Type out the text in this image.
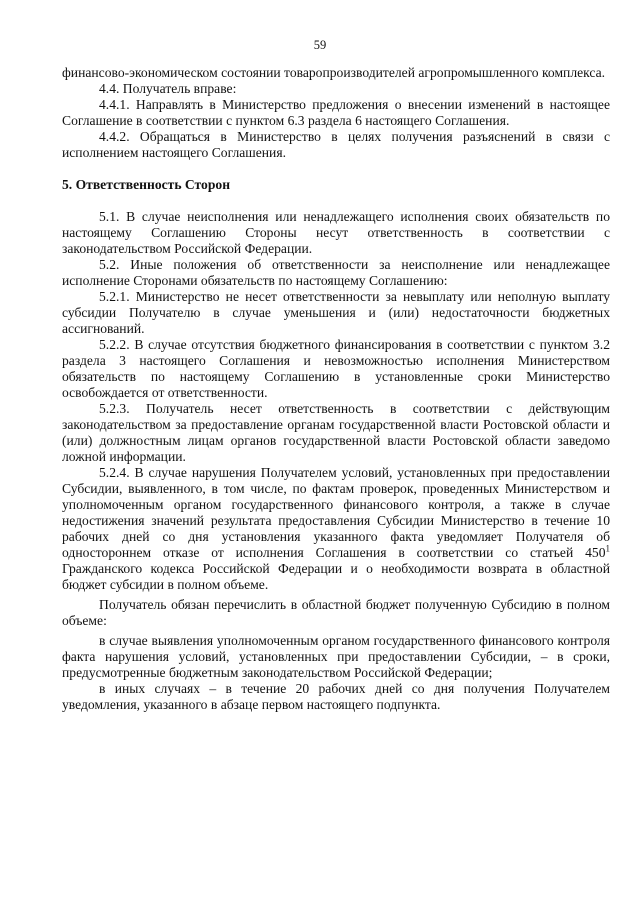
59

финансово-экономическом состоянии товаропроизводителей агропромышленного комплекса.

4.4. Получатель вправе:

4.4.1. Направлять в Министерство предложения о внесении изменений в настоящее Соглашение в соответствии с пунктом 6.3 раздела 6 настоящего Соглашения.

4.4.2. Обращаться в Министерство в целях получения разъяснений в связи с исполнением настоящего Соглашения.

5. Ответственность Сторон

5.1. В случае неисполнения или ненадлежащего исполнения своих обязательств по настоящему Соглашению Стороны несут ответственность в соответствии с законодательством Российской Федерации.

5.2. Иные положения об ответственности за неисполнение или ненадлежащее исполнение Сторонами обязательств по настоящему Соглашению:

5.2.1. Министерство не несет ответственности за невыплату или неполную выплату субсидии Получателю в случае уменьшения и (или) недостаточности бюджетных ассигнований.

5.2.2. В случае отсутствия бюджетного финансирования в соответствии с пунктом 3.2 раздела 3 настоящего Соглашения и невозможностью исполнения Министерством обязательств по настоящему Соглашению в установленные сроки Министерство освобождается от ответственности.

5.2.3. Получатель несет ответственность в соответствии с действующим законодательством за предоставление органам государственной власти Ростовской области и (или) должностным лицам органов государственной власти Ростовской области заведомо ложной информации.

5.2.4. В случае нарушения Получателем условий, установленных при предоставлении Субсидии, выявленного, в том числе, по фактам проверок, проведенных Министерством и уполномоченным органом государственного финансового контроля, а также в случае недостижения значений результата предоставления Субсидии Министерство в течение 10 рабочих дней со дня установления указанного факта уведомляет Получателя об одностороннем отказе от исполнения Соглашения в соответствии со статьей $450^1$ Гражданского кодекса Российской Федерации и о необходимости возврата в областной бюджет субсидии в полном объеме.

Получатель обязан перечислить в областной бюджет полученную Субсидию в полном объеме:

в случае выявления уполномоченным органом государственного финансового контроля факта нарушения условий, установленных при предоставлении Субсидии, – в сроки, предусмотренные бюджетным законодательством Российской Федерации;

в иных случаях – в течение 20 рабочих дней со дня получения Получателем уведомления, указанного в абзаце первом настоящего подпункта.
